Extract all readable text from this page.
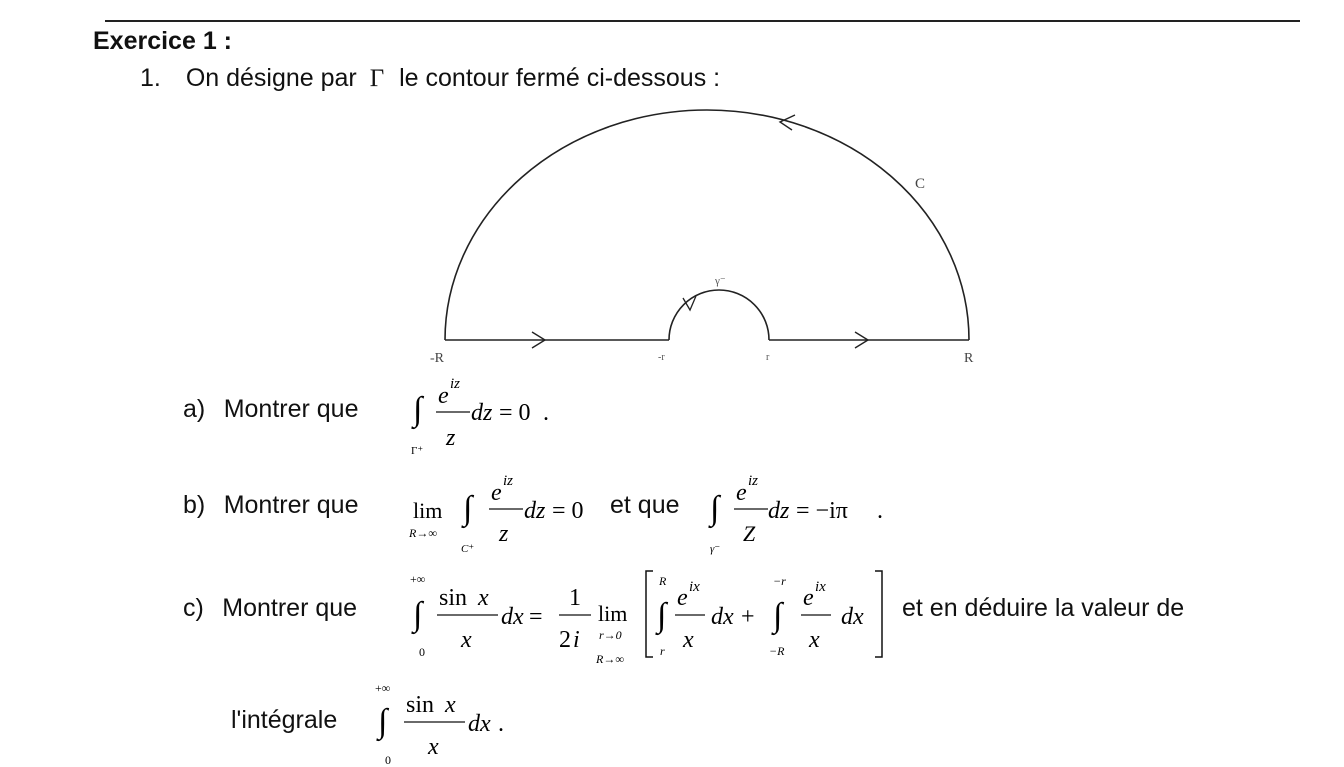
Exercice 1 :
1. On désigne par Γ le contour fermé ci-dessous :
C
γ⁻
-R	-r	r	R
a) Montrer que ∫
Γ⁺
e iz
z
dz = 0 .
b) Montrer que lim
R→∞
∫
C⁺
e iz
z
dz = 0 et que ∫
γ⁻
e iz
Z
dz = −iπ .
c) Montrer que
+∞
∫
0
sin x
x
dx =
1
2 i
lim
r→0
R→∞
R
∫
r
e ix
x
dx +
−r
∫
−R
e ix
x
dx et en déduire la valeur de
l'intégrale
+∞
∫
0
sin x
x
dx .
